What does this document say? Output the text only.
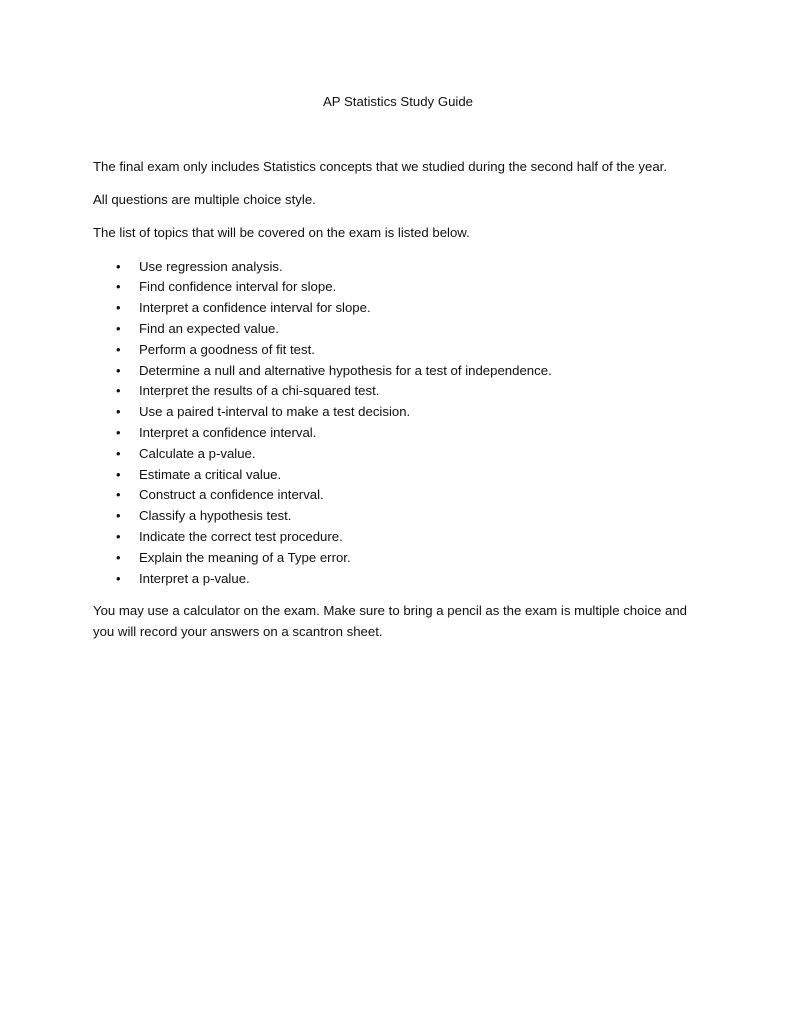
AP Statistics Study Guide

The final exam only includes Statistics concepts that we studied during the second half of the year.

All questions are multiple choice style.

The list of topics that will be covered on the exam is listed below.

• Use regression analysis.
• Find confidence interval for slope.
• Interpret a confidence interval for slope.
• Find an expected value.
• Perform a goodness of fit test.
• Determine a null and alternative hypothesis for a test of independence.
• Interpret the results of a chi-squared test.
• Use a paired t-interval to make a test decision.
• Interpret a confidence interval.
• Calculate a p-value.
• Estimate a critical value.
• Construct a confidence interval.
• Classify a hypothesis test.
• Indicate the correct test procedure.
• Explain the meaning of a Type error.
• Interpret a p-value.

You may use a calculator on the exam. Make sure to bring a pencil as the exam is multiple choice and you will record your answers on a scantron sheet.
